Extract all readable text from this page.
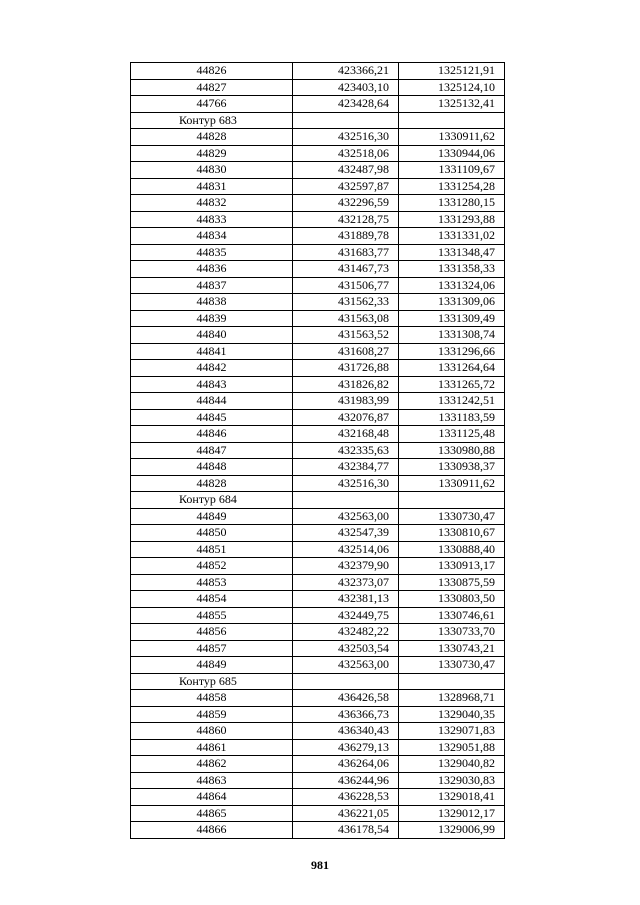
44826	423366,21	1325121,91
44827	423403,10	1325124,10
44766	423428,64	1325132,41
Контур 683		
44828	432516,30	1330911,62
44829	432518,06	1330944,06
44830	432487,98	1331109,67
44831	432597,87	1331254,28
44832	432296,59	1331280,15
44833	432128,75	1331293,88
44834	431889,78	1331331,02
44835	431683,77	1331348,47
44836	431467,73	1331358,33
44837	431506,77	1331324,06
44838	431562,33	1331309,06
44839	431563,08	1331309,49
44840	431563,52	1331308,74
44841	431608,27	1331296,66
44842	431726,88	1331264,64
44843	431826,82	1331265,72
44844	431983,99	1331242,51
44845	432076,87	1331183,59
44846	432168,48	1331125,48
44847	432335,63	1330980,88
44848	432384,77	1330938,37
44828	432516,30	1330911,62
Контур 684		
44849	432563,00	1330730,47
44850	432547,39	1330810,67
44851	432514,06	1330888,40
44852	432379,90	1330913,17
44853	432373,07	1330875,59
44854	432381,13	1330803,50
44855	432449,75	1330746,61
44856	432482,22	1330733,70
44857	432503,54	1330743,21
44849	432563,00	1330730,47
Контур 685		
44858	436426,58	1328968,71
44859	436366,73	1329040,35
44860	436340,43	1329071,83
44861	436279,13	1329051,88
44862	436264,06	1329040,82
44863	436244,96	1329030,83
44864	436228,53	1329018,41
44865	436221,05	1329012,17
44866	436178,54	1329006,99
981
